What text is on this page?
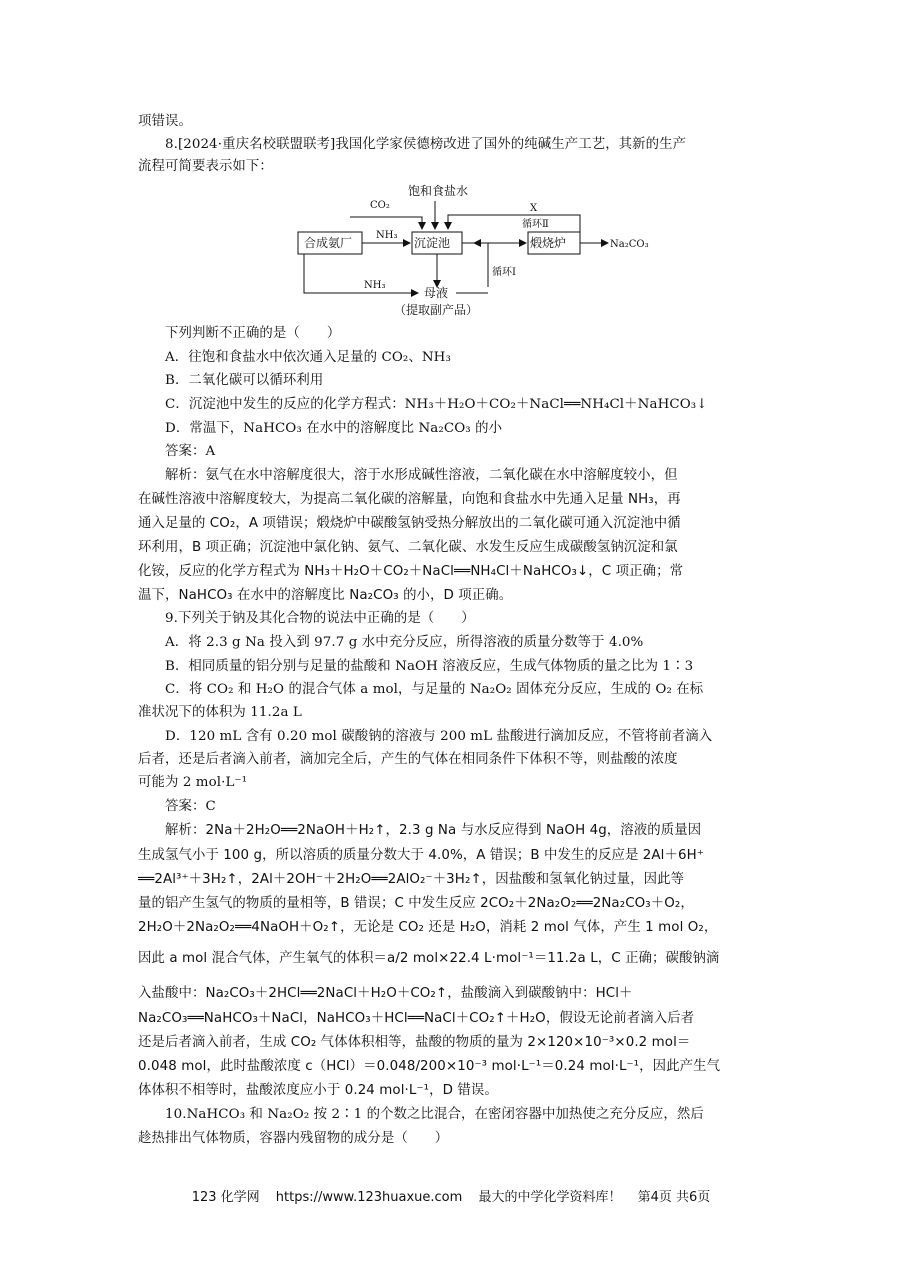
项错误。
8.[2024·重庆名校联盟联考]我国化学家侯德榜改进了国外的纯碱生产工艺，其新的生产
流程可简要表示如下：
饱和食盐水
CO₂	X
循环Ⅱ
合成氨厂
NH₃
沉淀池	煅烧炉	Na₂CO₃
循环Ⅰ
NH₃
母液
（提取副产品）
下列判断不正确的是（　　）
A．往饱和食盐水中依次通入足量的 CO₂、NH₃
B．二氧化碳可以循环利用
C．沉淀池中发生的反应的化学方程式：NH₃＋H₂O＋CO₂＋NaCl══NH₄Cl＋NaHCO₃↓
D．常温下，NaHCO₃ 在水中的溶解度比 Na₂CO₃ 的小
答案：A
解析：氨气在水中溶解度很大，溶于水形成碱性溶液，二氧化碳在水中溶解度较小，但
在碱性溶液中溶解度较大，为提高二氧化碳的溶解量，向饱和食盐水中先通入足量 NH₃，再
通入足量的 CO₂，A 项错误；煅烧炉中碳酸氢钠受热分解放出的二氧化碳可通入沉淀池中循
环利用，B 项正确；沉淀池中氯化钠、氨气、二氧化碳、水发生反应生成碳酸氢钠沉淀和氯
化铵，反应的化学方程式为 NH₃＋H₂O＋CO₂＋NaCl══NH₄Cl＋NaHCO₃↓，C 项正确；常
温下，NaHCO₃ 在水中的溶解度比 Na₂CO₃ 的小，D 项正确。
9.下列关于钠及其化合物的说法中正确的是（　　）
A．将 2.3 g Na 投入到 97.7 g 水中充分反应，所得溶液的质量分数等于 4.0%
B．相同质量的铝分别与足量的盐酸和 NaOH 溶液反应，生成气体物质的量之比为 1∶3
C．将 CO₂ 和 H₂O 的混合气体 a mol，与足量的 Na₂O₂ 固体充分反应，生成的 O₂ 在标
准状况下的体积为 11.2a L
D．120 mL 含有 0.20 mol 碳酸钠的溶液与 200 mL 盐酸进行滴加反应，不管将前者滴入
后者，还是后者滴入前者，滴加完全后，产生的气体在相同条件下体积不等，则盐酸的浓度
可能为 2 mol·L⁻¹
答案：C
解析：2Na＋2H₂O══2NaOH＋H₂↑，2.3 g Na 与水反应得到 NaOH 4g，溶液的质量因
生成氢气小于 100 g，所以溶质的质量分数大于 4.0%，A 错误；B 中发生的反应是 2Al＋6H⁺
══2Al³⁺＋3H₂↑，2Al＋2OH⁻＋2H₂O══2AlO₂⁻＋3H₂↑，因盐酸和氢氧化钠过量，因此等
量的铝产生氢气的物质的量相等，B 错误；C 中发生反应 2CO₂＋2Na₂O₂══2Na₂CO₃＋O₂，
2H₂O＋2Na₂O₂══4NaOH＋O₂↑，无论是 CO₂ 还是 H₂O，消耗 2 mol 气体，产生 1 mol O₂，
因此 a mol 混合气体，产生氧气的体积＝a/2 mol×22.4 L·mol⁻¹＝11.2a L，C 正确；碳酸钠滴
入盐酸中：Na₂CO₃＋2HCl══2NaCl＋H₂O＋CO₂↑，盐酸滴入到碳酸钠中：HCl＋
Na₂CO₃══NaHCO₃＋NaCl，NaHCO₃＋HCl══NaCl＋CO₂↑＋H₂O，假设无论前者滴入后者
还是后者滴入前者，生成 CO₂ 气体体积相等，盐酸的物质的量为 2×120×10⁻³×0.2 mol＝
0.048 mol，此时盐酸浓度 c（HCl）＝0.048/200×10⁻³ mol·L⁻¹＝0.24 mol·L⁻¹，因此产生气
体体积不相等时，盐酸浓度应小于 0.24 mol·L⁻¹，D 错误。
10.NaHCO₃ 和 Na₂O₂ 按 2∶1 的个数之比混合，在密闭容器中加热使之充分反应，然后
趁热排出气体物质，容器内残留物的成分是（　　）
123 化学网 https://www.123huaxue.com 最大的中学化学资料库！ 第4页 共6页
